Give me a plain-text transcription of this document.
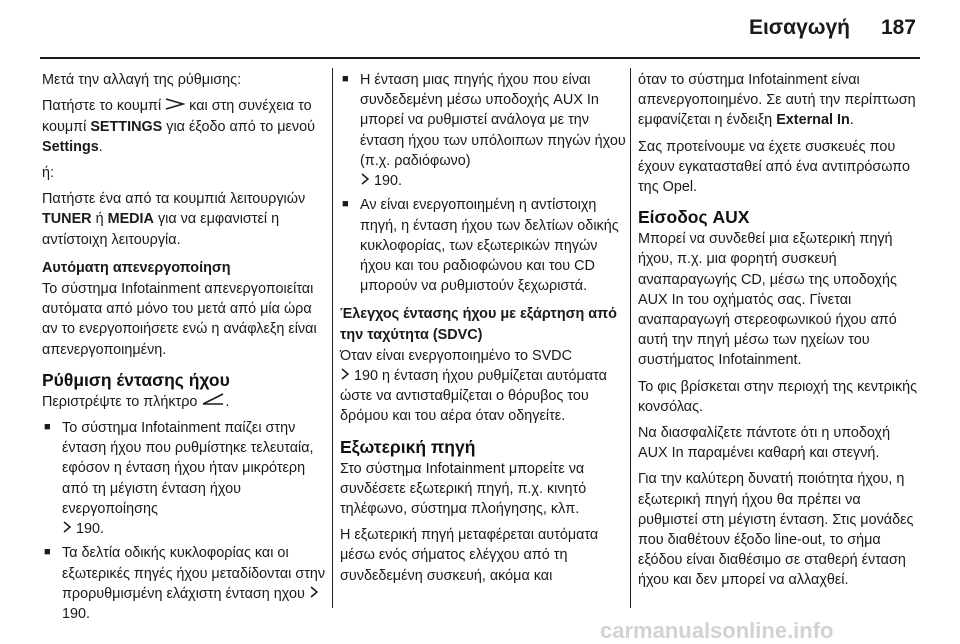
Εισαγωγή 187

Μετά την αλλαγή της ρύθμισης:

Πατήστε το κουμπί  και στη συνέχεια το κουμπί SETTINGS για έξοδο από το μενού Settings.

ή:

Πατήστε ένα από τα κουμπιά λειτουργιών TUNER ή MEDIA για να εμφανιστεί η αντίστοιχη λειτουργία.

Αυτόματη απενεργοποίηση

Το σύστημα Infotainment απενεργοποιείται αυτόματα από μόνο του μετά από μία ώρα αν το ενεργοποιήσετε ενώ η ανάφλεξη είναι απενεργοποιημένη.

Ρύθμιση έντασης ήχου

Περιστρέψτε το πλήκτρο .

■ Το σύστημα Infotainment παίζει στην ένταση ήχου που ρυθμίστηκε τελευταία, εφόσον η ένταση ήχου ήταν μικρότερη από τη μέγιστη ένταση ήχου ενεργοποίησης
190.
■ Τα δελτία οδικής κυκλοφορίας και οι εξωτερικές πηγές ήχου μεταδίδονται στην προρυθμισμένη ελάχιστη ένταση ηχου  190.
■ Η ένταση μιας πηγής ήχου που είναι συνδεδεμένη μέσω υποδοχής AUX In μπορεί να ρυθμιστεί ανάλογα με την ένταση ήχου των υπόλοιπων πηγών ήχου (π.χ. ραδιόφωνο)
190.
■ Αν είναι ενεργοποιημένη η αντίστοιχη πηγή, η ένταση ήχου των δελτίων οδικής κυκλοφορίας, των εξωτερικών πηγών ήχου και του ραδιοφώνου και του CD μπορούν να ρυθμιστούν ξεχωριστά.
Έλεγχος έντασης ήχου με εξάρτηση από την ταχύτητα (SDVC)

Όταν είναι ενεργοποιημένο το SVDC
190 η ένταση ήχου ρυθμίζεται αυτόματα ώστε να αντισταθμίζεται ο θόρυβος του δρόμου και του αέρα όταν οδηγείτε.

Εξωτερική πηγή

Στο σύστημα Infotainment μπορείτε να συνδέσετε εξωτερική πηγή, π.χ. κινητό τηλέφωνο, σύστημα πλοήγησης, κλπ.

Η εξωτερική πηγή μεταφέρεται αυτόματα μέσω ενός σήματος ελέγχου από τη συνδεδεμένη συσκευή, ακόμα και

όταν το σύστημα Infotainment είναι απενεργοποιημένο. Σε αυτή την περίπτωση εμφανίζεται η ένδειξη External In.

Σας προτείνουμε να έχετε συσκευές που έχουν εγκατασταθεί από ένα αντιπρόσωπο της Opel.

Είσοδος AUX

Μπορεί να συνδεθεί μια εξωτερική πηγή ήχου, π.χ. μια φορητή συσκευή αναπαραγωγής CD, μέσω της υποδοχής AUX In του οχήματός σας. Γίνεται αναπαραγωγή στερεοφωνικού ήχου από αυτή την πηγή μέσω των ηχείων του συστήματος Infotainment.

Το φις βρίσκεται στην περιοχή της κεντρικής κονσόλας.

Να διασφαλίζετε πάντοτε ότι η υποδοχή AUX In παραμένει καθαρή και στεγνή.

Για την καλύτερη δυνατή ποιότητα ήχου, η εξωτερική πηγή ήχου θα πρέπει να ρυθμιστεί στη μέγιστη ένταση. Στις μονάδες που διαθέτουν έξοδο line-out, το σήμα εξόδου είναι διαθέσιμο σε σταθερή ένταση ήχου και δεν μπορεί να αλλαχθεί.

carmanualsonline.info
